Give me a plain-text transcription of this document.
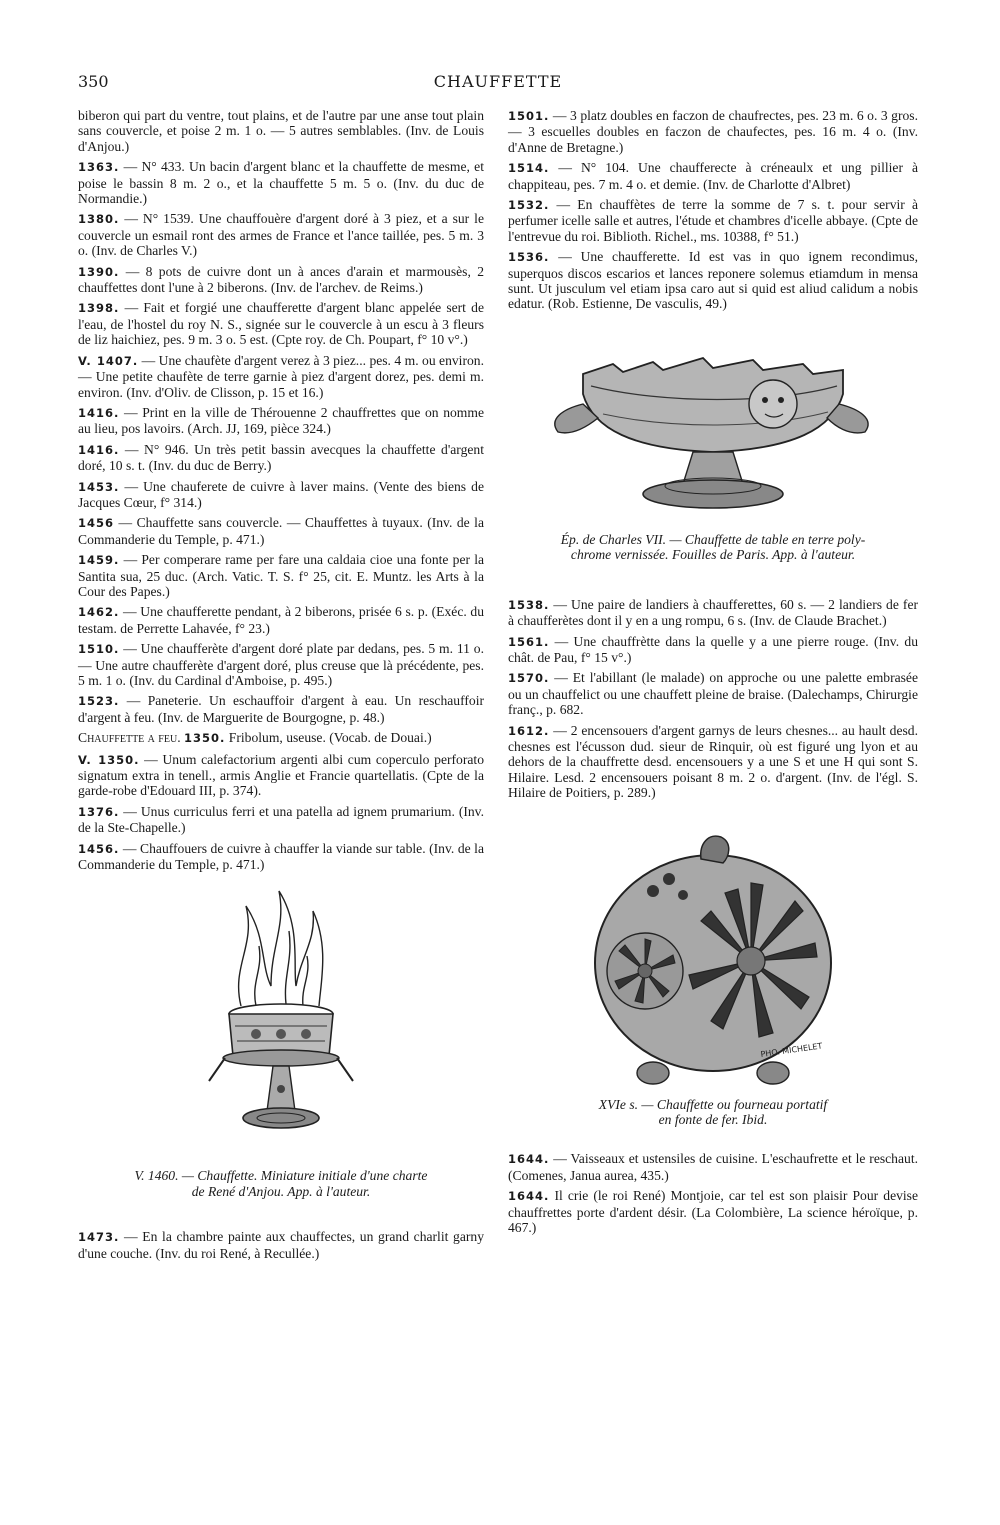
350	CHAUFFETTE

biberon qui part du ventre, tout plains, et de l'autre par une anse tout plain sans couvercle, et poise 2 m. 1 o. — 5 autres semblables. (Inv. de Louis d'Anjou.)

1363. — N° 433. Un bacin d'argent blanc et la chauffette de mesme, et poise le bassin 8 m. 2 o., et la chauffette 5 m. 5 o. (Inv. du duc de Normandie.)

1380. — N° 1539. Une chauffouère d'argent doré à 3 piez, et a sur le couvercle un esmail ront des armes de France et l'ance taillée, pes. 5 m. 3 o. (Inv. de Charles V.)

1390. — 8 pots de cuivre dont un à ances d'arain et marmousès, 2 chauffettes dont l'une à 2 biberons. (Inv. de l'archev. de Reims.)

1398. — Fait et forgié une chaufferette d'argent blanc appelée sert de l'eau, de l'hostel du roy N. S., signée sur le couvercle à un escu à 3 fleurs de liz haichiez, pes. 9 m. 3 o. 5 est. (Cpte roy. de Ch. Poupart, f° 10 v°.)

V. 1407. — Une chaufète d'argent verez à 3 piez... pes. 4 m. ou environ. — Une petite chaufète de terre garnie à piez d'argent dorez, pes. demi m. environ. (Inv. d'Oliv. de Clisson, p. 15 et 16.)

1416. — Print en la ville de Thérouenne 2 chauffrettes que on nomme au lieu, pos lavoirs. (Arch. JJ, 169, pièce 324.)

1416. — N° 946. Un très petit bassin avecques la chauffette d'argent doré, 10 s. t. (Inv. du duc de Berry.)

1453. — Une chauferete de cuivre à laver mains. (Vente des biens de Jacques Cœur, f° 314.)

1456 — Chauffette sans couvercle. — Chauffettes à tuyaux. (Inv. de la Commanderie du Temple, p. 471.)

1459. — Per comperare rame per fare una caldaia cioe una fonte per la Santita sua, 25 duc. (Arch. Vatic. T. S. f° 25, cit. E. Muntz. les Arts à la Cour des Papes.)

1462. — Une chaufferette pendant, à 2 biberons, prisée 6 s. p. (Exéc. du testam. de Perrette Lahavée, f° 23.)

1510. — Une chaufferète d'argent doré plate par dedans, pes. 5 m. 11 o. — Une autre chaufferète d'argent doré, plus creuse que là précédente, pes. 5 m. 1 o. (Inv. du Cardinal d'Amboise, p. 495.)

1523. — Paneterie. Un eschauffoir d'argent à eau. Un reschauffoir d'argent à feu. (Inv. de Marguerite de Bourgogne, p. 48.)

Chauffette a feu. 1350. Fribolum, useuse. (Vocab. de Douai.)

V. 1350. — Unum calefactorium argenti albi cum coperculo perforato signatum extra in tenell., armis Anglie et Francie quartellatis. (Cpte de la garde-robe d'Edouard III, p. 374).

1376. — Unus curriculus ferri et una patella ad ignem prumarium. (Inv. de la Ste-Chapelle.)

1456. — Chauffouers de cuivre à chauffer la viande sur table. (Inv. de la Commanderie du Temple, p. 471.)

V. 1460. — Chauffette. Miniature initiale d'une charte
de René d'Anjou. App. à l'auteur.

1473. — En la chambre painte aux chauffectes, un grand charlit garny d'une couche. (Inv. du roi René, à Recullée.)

1501. — 3 platz doubles en faczon de chaufrectes, pes. 23 m. 6 o. 3 gros. — 3 escuelles doubles en faczon de chaufectes, pes. 16 m. 4 o. (Inv. d'Anne de Bretagne.)

1514. — N° 104. Une chaufferecte à créneaulx et ung pillier à chappiteau, pes. 7 m. 4 o. et demie. (Inv. de Charlotte d'Albret)

1532. — En chauffètes de terre la somme de 7 s. t. pour servir à perfumer icelle salle et autres, l'étude et chambres d'icelle abbaye. (Cpte de l'entrevue du roi. Biblioth. Richel., ms. 10388, f° 51.)

1536. — Une chaufferette. Id est vas in quo ignem recondimus, superquos discos escarios et lances reponere solemus etiamdum in mensa sunt. Ut jusculum vel etiam ipsa caro aut si quid est aliud calidum a nobis edatur. (Rob. Estienne, De vasculis, 49.)

Ép. de Charles VII. — Chauffette de table en terre poly-
chrome vernissée. Fouilles de Paris. App. à l'auteur.

1538. — Une paire de landiers à chaufferettes, 60 s. — 2 landiers de fer à chaufferètes dont il y en a ung rompu, 6 s. (Inv. de Claude Brachet.)

1561. — Une chauffrètte dans la quelle y a une pierre rouge. (Inv. du chât. de Pau, f° 15 v°.)

1570. — Et l'abillant (le malade) on approche ou une palette embrasée ou un chauffelict ou une chauffett pleine de braise. (Dalechamps, Chirurgie franç., p. 682.

1612. — 2 encensouers d'argent garnys de leurs chesnes... au hault desd. chesnes est l'écusson dud. sieur de Rinquir, où est figuré ung lyon et au dehors de la chauffrette desd. encensouers y a une S et une H qui sont S. Hilaire. Lesd. 2 encensouers poisant 8 m. 2 o. d'argent. (Inv. de l'égl. S. Hilaire de Poitiers, p. 289.)

PHO. MICHELET

XVIe s. — Chauffette ou fourneau portatif
en fonte de fer. Ibid.

1644. — Vaisseaux et ustensiles de cuisine. L'eschaufrette et le reschaut. (Comenes, Janua aurea, 435.)

1644. Il crie (le roi René) Montjoie, car tel est son plaisir Pour devise chauffrettes porte d'ardent désir. (La Colombière, La science héroïque, p. 467.)
